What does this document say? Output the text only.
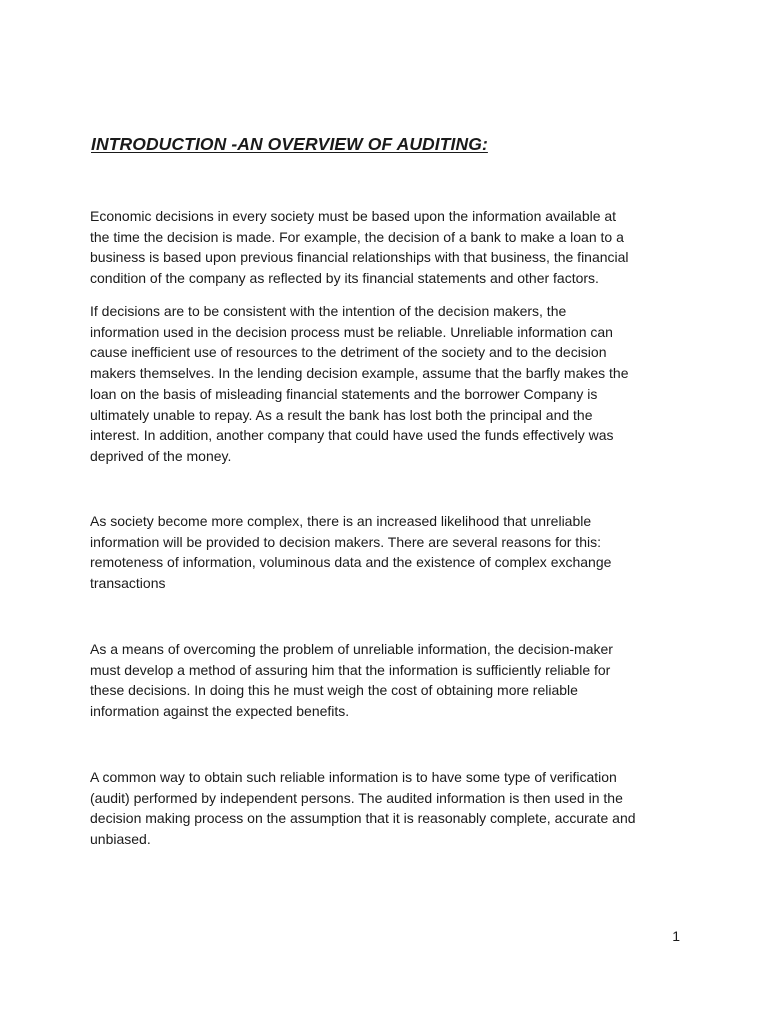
INTRODUCTION -AN OVERVIEW OF AUDITING:

Economic decisions in every society must be based upon the information available at
the time the decision is made. For example, the decision of a bank to make a loan to a
business is based upon previous financial relationships with that business, the financial
condition of the company as reflected by its financial statements and other factors.

If decisions are to be consistent with the intention of the decision makers, the
information used in the decision process must be reliable. Unreliable information can
cause inefficient use of resources to the detriment of the society and to the decision
makers themselves. In the lending decision example, assume that the barfly makes the
loan on the basis of misleading financial statements and the borrower Company is
ultimately unable to repay. As a result the bank has lost both the principal and the
interest. In addition, another company that could have used the funds effectively was
deprived of the money.

As society become more complex, there is an increased likelihood that unreliable
information will be provided to decision makers. There are several reasons for this:
remoteness of information, voluminous data and the existence of complex exchange
transactions

As a means of overcoming the problem of unreliable information, the decision-maker
must develop a method of assuring him that the information is sufficiently reliable for
these decisions. In doing this he must weigh the cost of obtaining more reliable
information against the expected benefits.

A common way to obtain such reliable information is to have some type of verification
(audit) performed by independent persons. The audited information is then used in the
decision making process on the assumption that it is reasonably complete, accurate and
unbiased.

1
